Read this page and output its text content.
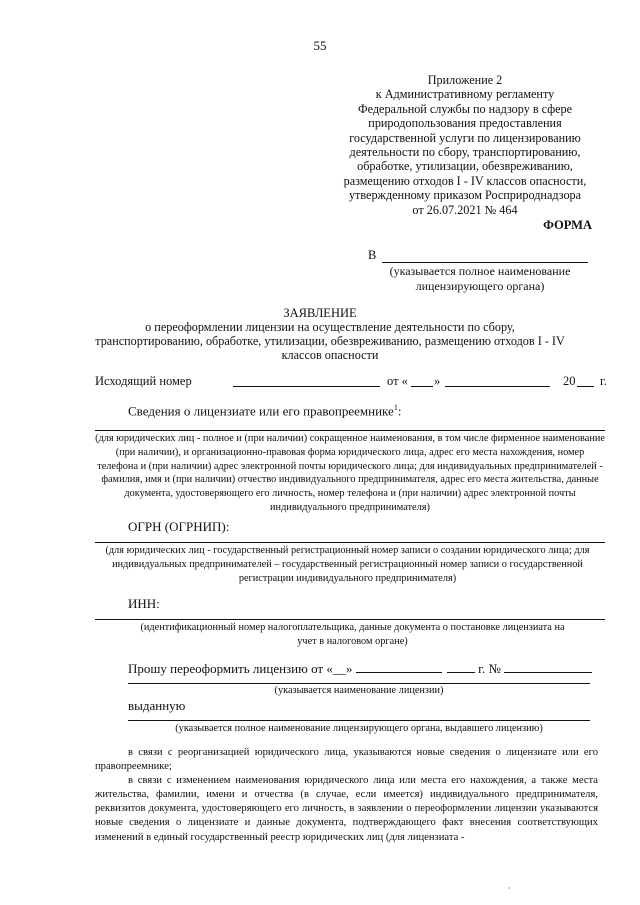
55
Приложение 2
к Административному регламенту
Федеральной службы по надзору в сфере
природопользования предоставления
государственной услуги по лицензированию
деятельности по сбору, транспортированию,
обработке, утилизации, обезвреживанию,
размещению отходов I - IV классов опасности,
утвержденному приказом Росприроднадзора
от 26.07.2021 № 464
ФОРМА
В
(указывается полное наименование
лицензирующего органа)
ЗАЯВЛЕНИЕ
о переоформлении лицензии на осуществление деятельности по сбору, транспортированию, обработке, утилизации, обезвреживанию, размещению отходов I - IV классов опасности
Исходящий номер	от « »	20 г.
Сведения о лицензиате или его правопреемнике$^1$:
(для юридических лиц - полное и (при наличии) сокращенное наименования, в том числе фирменное наименование (при наличии), и организационно-правовая форма юридического лица, адрес его места нахождения, номер телефона и (при наличии) адрес электронной почты юридического лица; для индивидуальных предпринимателей - фамилия, имя и (при наличии) отчество индивидуального предпринимателя, адрес его места жительства, данные документа, удостоверяющего его личность, номер телефона и (при наличии) адрес электронной почты индивидуального предпринимателя)
ОГРН (ОГРНИП):
(для юридических лиц - государственный регистрационный номер записи о создании юридического лица; для индивидуальных предпринимателей – государственный регистрационный номер записи о государственной регистрации индивидуального предпринимателя)
ИНН:
(идентификационный номер налогоплательщика, данные документа о постановке лицензиата на учет в налоговом органе)
Прошу переоформить лицензию от «__»	г. №
(указывается наименование лицензии)
выданную
(указывается полное наименование лицензирующего органа, выдавшего лицензию)

в связи с реорганизацией юридического лица, указываются новые сведения о лицензиате или его правопреемнике;

в связи с изменением наименования юридического лица или места его нахождения, а также места жительства, фамилии, имени и отчества (в случае, если имеется) индивидуального предпринимателя, реквизитов документа, удостоверяющего его личность, в заявлении о переоформлении лицензии указываются новые сведения о лицензиате и данные документа, подтверждающего факт внесения соответствующих изменений в единый государственный реестр юридических лиц (для лицензиата -

·
